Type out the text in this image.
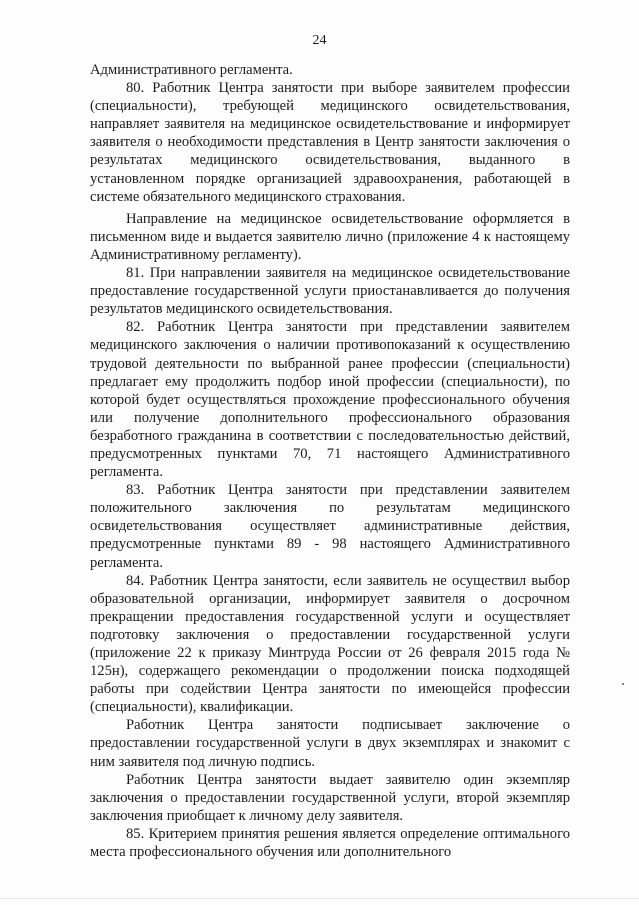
24

Административного регламента.

80. Работник Центра занятости при выборе заявителем профессии (специальности), требующей медицинского освидетельствования, направляет заявителя на медицинское освидетельствование и информирует заявителя о необходимости представления в Центр занятости заключения о результатах медицинского освидетельствования, выданного в установленном порядке организацией здравоохранения, работающей в системе обязательного медицинского страхования.

Направление на медицинское освидетельствование оформляется в письменном виде и выдается заявителю лично (приложение 4 к настоящему Административному регламенту).

81. При направлении заявителя на медицинское освидетельствование предоставление государственной услуги приостанавливается до получения результатов медицинского освидетельствования.

82. Работник Центра занятости при представлении заявителем медицинского заключения о наличии противопоказаний к осуществлению трудовой деятельности по выбранной ранее профессии (специальности) предлагает ему продолжить подбор иной профессии (специальности), по которой будет осуществляться прохождение профессионального обучения или получение дополнительного профессионального образования безработного гражданина в соответствии с последовательностью действий, предусмотренных пунктами 70, 71 настоящего Административного регламента.

83. Работник Центра занятости при представлении заявителем положительного заключения по результатам медицинского освидетельствования осуществляет административные действия, предусмотренные пунктами 89 - 98 настоящего Административного регламента.

84. Работник Центра занятости, если заявитель не осуществил выбор образовательной организации, информирует заявителя о досрочном прекращении предоставления государственной услуги и осуществляет подготовку заключения о предоставлении государственной услуги (приложение 22 к приказу Минтруда России от 26 февраля 2015 года № 125н), содержащего рекомендации о продолжении поиска подходящей работы при содействии Центра занятости по имеющейся профессии (специальности), квалификации.

Работник Центра занятости подписывает заключение о предоставлении государственной услуги в двух экземплярах и знакомит с ним заявителя под личную подпись.

Работник Центра занятости выдает заявителю один экземпляр заключения о предоставлении государственной услуги, второй экземпляр заключения приобщает к личному делу заявителя.

85. Критерием принятия решения является определение оптимального места профессионального обучения или дополнительного
